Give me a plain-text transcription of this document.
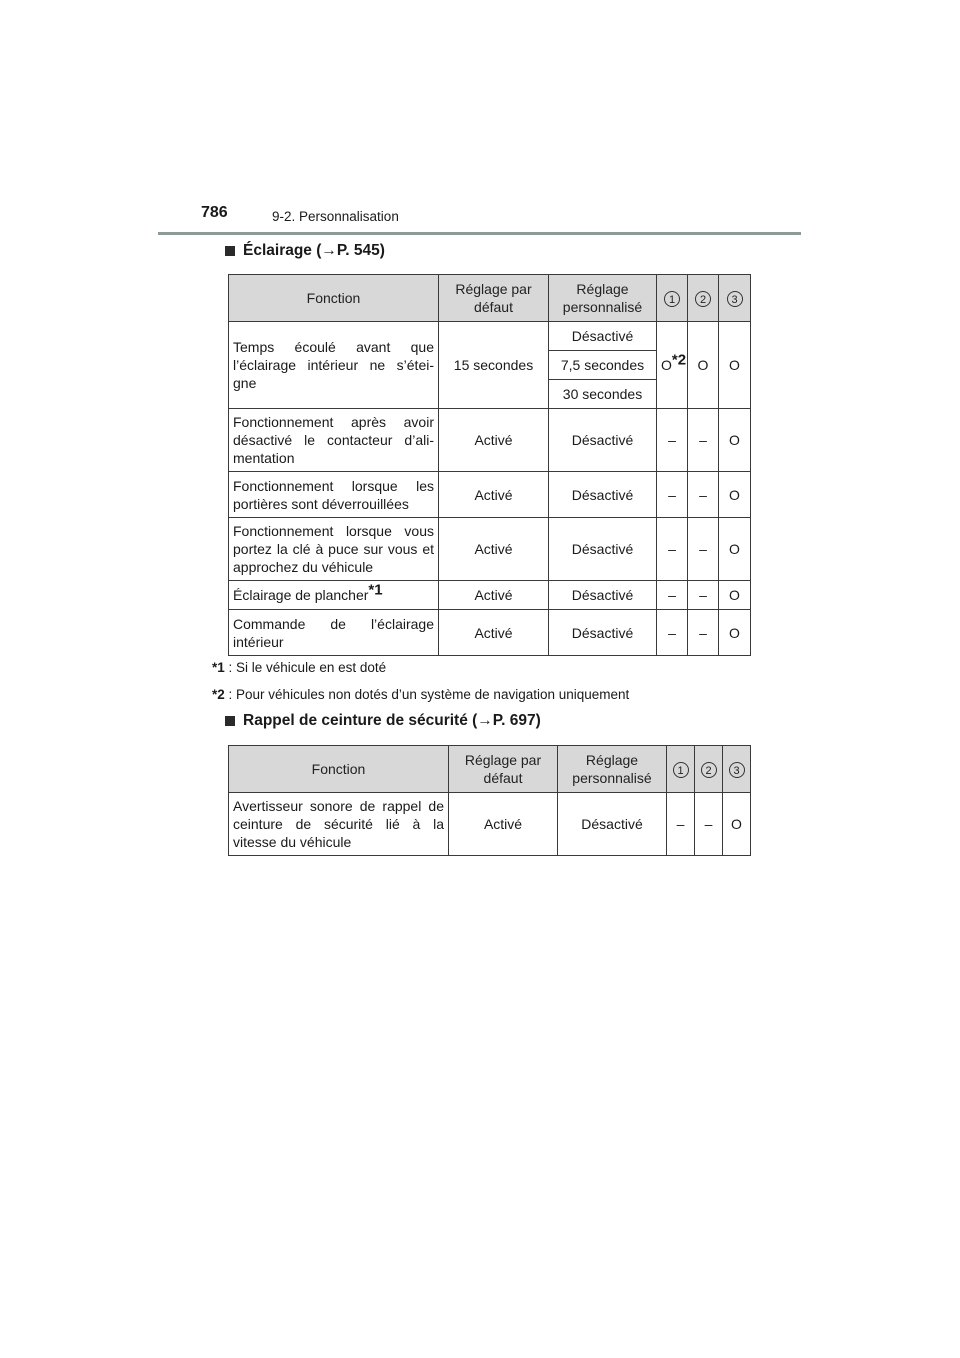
786	9-2. Personnalisation
Éclairage (→P. 545)
Fonction	Réglage par défaut	Réglage personnalisé	1	2	3
Temps écoulé avant que l’éclairage intérieur ne s’étei-gne	15 secondes	Désactivé	$O^{*2}$	O	O
		7,5 secondes			
		30 secondes			
Fonctionnement après avoir désactivé le contacteur d’ali-mentation	Activé	Désactivé	–	–	O
Fonctionnement lorsque les portières sont déverrouillées	Activé	Désactivé	–	–	O
Fonctionnement lorsque vous portez la clé à puce sur vous et approchez du véhicule	Activé	Désactivé	–	–	O
Éclairage de plancher$^{*1}$	Activé	Désactivé	–	–	O
Commande de l’éclairage intérieur	Activé	Désactivé	–	–	O
*1 : Si le véhicule en est doté
*2 : Pour véhicules non dotés d’un système de navigation uniquement
Rappel de ceinture de sécurité (→P. 697)
Fonction	Réglage par défaut	Réglage personnalisé	1	2	3
Avertisseur sonore de rappel de ceinture de sécurité lié à la vitesse du véhicule	Activé	Désactivé	–	–	O
